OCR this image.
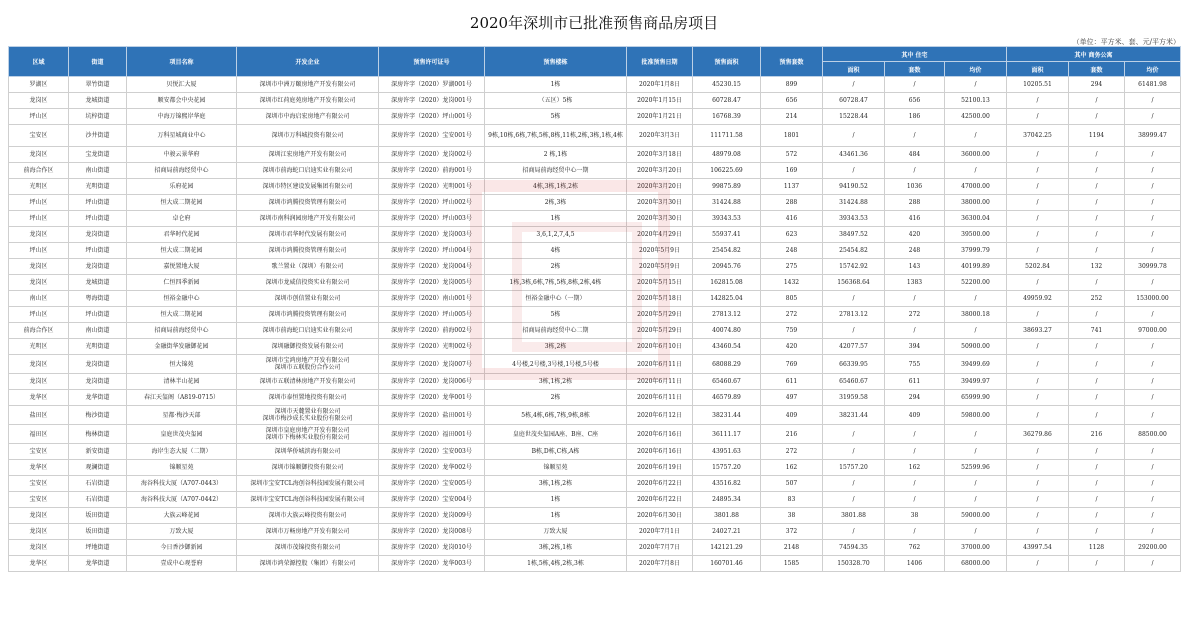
2020年深圳市已批准预售商品房项目
（单位：平方米、套、元/平方米）
区域	街道	项目名称	开发企业	预售许可证号	预售楼栋	批准预售日期	预售面积	预售套数	其中 住宅			其中 商务公寓		
									面积	套数	均价	面积	套数	均价
罗湖区	翠竹街道	贝悦汇大厦	深圳市中洲万颐房地产开发有限公司	深房许字（2020）罗湖001号	1栋	2020年1月8日	45230.15	899	/	/	/	10205.51	294	61481.98
龙岗区	龙城街道	顺安都会中央花园	深圳市红荷庭苑房地产开发有限公司	深房许字（2020）龙岗001号	（五区）5栋	2020年1月15日	60728.47	656	60728.47	656	52100.13	/	/	/
坪山区	坑梓街道	中海万锦熙岸华庭	深圳市中海启宏房地产有限公司	深房许字（2020）坪山001号	5栋	2020年1月21日	16768.39	214	15228.44	186	42500.00	/	/	/
宝安区	沙井街道	万科星城商业中心	深圳市万科城投资有限公司	深房许字（2020）宝安001号	9栋,10栋,6栋,7栋,5栋,8栋,11栋,2栋,3栋,1栋,4栋	2020年3月3日	111711.58	1801	/	/	/	37042.25	1194	38999.47
龙岗区	宝龙街道	中骏云景华府	深圳江宏房地产开发有限公司	深房许字（2020）龙岗002号	2 栋,1栋	2020年3月18日	48979.08	572	43461.36	484	36000.00	/	/	/
前海合作区	南山街道	招商局前海经贸中心	深圳市前海蛇口启迪实业有限公司	深房许字（2020）前海001号	招商局前海经贸中心一期	2020年3月20日	106225.69	169	/	/	/	/	/	/
光明区	光明街道	乐府花园	深圳市特区建设发展集团有限公司	深房许字（2020）光明001号	4栋,3栋,1栋,2栋	2020年3月20日	99875.89	1137	94190.52	1036	47000.00	/	/	/
坪山区	坪山街道	恒大成二期花园	深圳市鸿腾投资管理有限公司	深房许字（2020）坪山002号	2栋,3栋	2020年3月30日	31424.88	288	31424.88	288	38000.00	/	/	/
坪山区	坪山街道	卓仑府	深圳市南科润园房地产开发有限公司	深房许字（2020）坪山003号	1栋	2020年3月30日	39343.53	416	39343.53	416	36300.04	/	/	/
龙岗区	龙岗街道	君华时代花园	深圳市君华时代发展有限公司	深房许字（2020）龙岗003号	3,6,1,2,7,4,5	2020年4月29日	55937.41	623	38497.52	420	39500.00	/	/	/
坪山区	坪山街道	恒大成二期花园	深圳市鸿腾投资管理有限公司	深房许字（2020）坪山004号	4栋	2020年5月9日	25454.82	248	25454.82	248	37999.79	/	/	/
龙岗区	龙岗街道	嘉悦置地大厦	歌兰置业（深圳）有限公司	深房许字（2020）龙岗004号	2栋	2020年5月9日	20945.76	275	15742.92	143	40199.89	5202.84	132	30999.78
龙岗区	龙城街道	仁恒四季新园	深圳市龙威信投资实业有限公司	深房许字（2020）龙岗005号	1栋,3栋,6栋,7栋,5栋,8栋,2栋,4栋	2020年5月15日	162815.08	1432	156368.64	1383	52200.00	/	/	/
南山区	粤海街道	恒裕金融中心	深圳市创信置业有限公司	深房许字（2020）南山001号	恒裕金融中心（一期）	2020年5月18日	142825.04	805	/	/	/	49959.92	252	153000.00
坪山区	坪山街道	恒大成二期花园	深圳市鸿腾投资管理有限公司	深房许字（2020）坪山005号	5栋	2020年5月29日	27813.12	272	27813.12	272	38000.18	/	/	/
前海合作区	南山街道	招商局前海经贸中心	深圳市前海蛇口启迪实业有限公司	深房许字（2020）前海002号	招商局前海经贸中心二期	2020年5月29日	40074.80	759	/	/	/	38693.27	741	97000.00
光明区	光明街道	金融街华发融御花园	深圳融御投资发展有限公司	深房许字（2020）光明002号	3栋,2栋	2020年6月10日	43460.54	420	42077.57	394	50900.00	/	/	/
龙岗区	龙岗街道	恒大锦苑	深圳市宝鸿房地产开发有限公司
深圳市五联股份合作公司	深房许字（2020）龙岗007号	4号楼,2号楼,3号楼,1号楼,5号楼	2020年6月11日	68088.29	769	66339.95	755	39499.69	/	/	/
龙岗区	龙岗街道	清林半山花园	深圳市五联清林房地产开发有限公司	深房许字（2020）龙岗006号	3栋,1栋,2栋	2020年6月11日	65460.67	611	65460.67	611	39499.97	/	/	/
龙华区	龙华街道	春江天玺阁（A819-0715）	深圳市泰恒置地投资有限公司	深房许字（2020）龙华001号	2栋	2020年6月11日	46579.89	497	31959.58	294	65999.90	/	/	/
盐田区	梅沙街道	星都·梅沙天部	深圳市天麓置业有限公司
深圳市梅沙成长实业股份有限公司	深房许字（2020）盐田001号	5栋,4栋,6栋,7栋,9栋,8栋	2020年6月12日	38231.44	409	38231.44	409	59800.00	/	/	/
福田区	梅林街道	皇庭世茂央玺园	深圳市皇庭房地产开发有限公司
深圳市下梅林实业股份有限公司	深房许字（2020）福田001号	皇庭世茂央玺园A座、B座、C座	2020年6月16日	36111.17	216	/	/	/	36279.86	216	88500.00
宝安区	新安街道	海岸生态大厦（二期）	深圳华侨城滨海有限公司	深房许字（2020）宝安003号	B栋,D栋,C栋,A栋	2020年6月16日	43951.63	272	/	/	/	/	/	/
龙华区	观澜街道	锦顺星苑	深圳市锦顺御投资有限公司	深房许字（2020）龙华002号	锦顺星苑	2020年6月19日	15757.20	162	15757.20	162	52599.96	/	/	/
宝安区	石岩街道	海谷科技大厦（A707-0443）	深圳市宝安TCL海创谷科技园发展有限公司	深房许字（2020）宝安005号	3栋,1栋,2栋	2020年6月22日	43516.82	507	/	/	/	/	/	/
宝安区	石岩街道	海谷科技大厦（A707-0442）	深圳市宝安TCL海创谷科技园发展有限公司	深房许字（2020）宝安004号	1栋	2020年6月22日	24895.34	83	/	/	/	/	/	/
龙岗区	坂田街道	大族云峰花园	深圳市大族云峰投资有限公司	深房许字（2020）龙岗009号	1栋	2020年6月30日	3801.88	38	3801.88	38	59000.00	/	/	/
龙岗区	坂田街道	万致大厦	深圳市万畅房地产开发有限公司	深房许字（2020）龙岗008号	万致大厦	2020年7月1日	24027.21	372	/	/	/	/	/	/
龙岗区	坪地街道	今日香沙御新园	深圳市茂锦投资有限公司	深房许字（2020）龙岗010号	3栋,2栋,1栋	2020年7月7日	142121.29	2148	74594.35	762	37000.00	43997.54	1128	29200.00
龙华区	龙华街道	壹成中心观誉府	深圳市鸿荣源控股（集团）有限公司	深房许字（2020）龙华003号	1栋,5栋,4栋,2栋,3栋	2020年7月8日	160701.46	1585	150328.70	1406	68000.00	/	/	/
